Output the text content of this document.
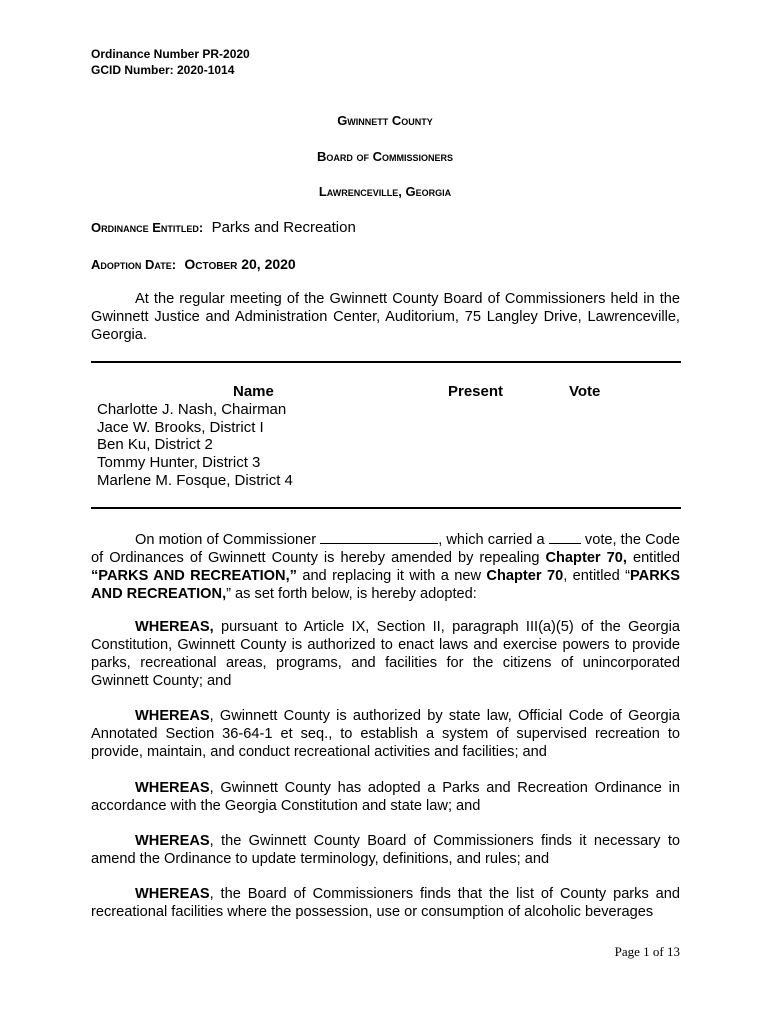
Ordinance Number PR-2020
GCID Number: 2020-1014
Gwinnett County
Board of Commissioners
Lawrenceville, Georgia
Ordinance Entitled: Parks and Recreation
Adoption Date: October 20, 2020
At the regular meeting of the Gwinnett County Board of Commissioners held in the Gwinnett Justice and Administration Center, Auditorium, 75 Langley Drive, Lawrenceville, Georgia.
Name	Present	Vote
Charlotte J. Nash, Chairman
Jace W. Brooks, District I
Ben Ku, District 2
Tommy Hunter, District 3
Marlene M. Fosque, District 4
On motion of Commissioner	, which carried a	vote, the Code of Ordinances of Gwinnett County is hereby amended by repealing Chapter 70, entitled “PARKS AND RECREATION,” and replacing it with a new Chapter 70, entitled “PARKS AND RECREATION,” as set forth below, is hereby adopted:
WHEREAS, pursuant to Article IX, Section II, paragraph III(a)(5) of the Georgia Constitution, Gwinnett County is authorized to enact laws and exercise powers to provide parks, recreational areas, programs, and facilities for the citizens of unincorporated Gwinnett County; and
WHEREAS, Gwinnett County is authorized by state law, Official Code of Georgia Annotated Section 36-64-1 et seq., to establish a system of supervised recreation to provide, maintain, and conduct recreational activities and facilities; and
WHEREAS, Gwinnett County has adopted a Parks and Recreation Ordinance in accordance with the Georgia Constitution and state law; and
WHEREAS, the Gwinnett County Board of Commissioners finds it necessary to amend the Ordinance to update terminology, definitions, and rules; and
WHEREAS, the Board of Commissioners finds that the list of County parks and recreational facilities where the possession, use or consumption of alcoholic beverages
Page 1 of 13
